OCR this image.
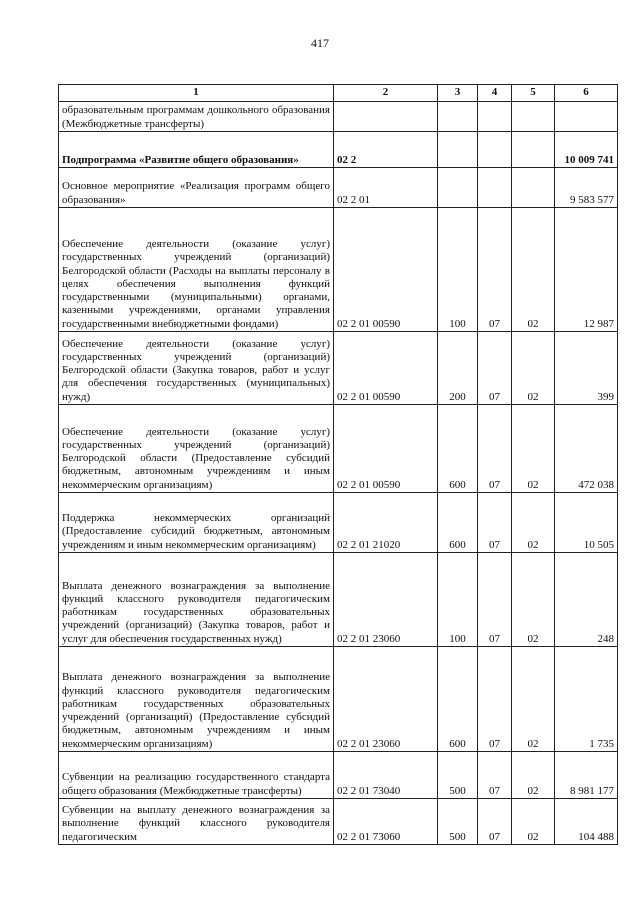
417
1	2	3	4	5	6
образовательным программам дошкольного образования (Межбюджетные трансферты)					
Подпрограмма «Развитие общего образования»	02 2				10 009 741
Основное мероприятие «Реализация программ общего образования»	02 2 01				9 583 577
Обеспечение деятельности (оказание услуг) государственных учреждений (организаций) Белгородской области (Расходы на выплаты персоналу в целях обеспечения выполнения функций государственными (муниципальными) органами, казенными учреждениями, органами управления государственными внебюджетными фондами)	02 2 01 00590	100	07	02	12 987
Обеспечение деятельности (оказание услуг) государственных учреждений (организаций) Белгородской области (Закупка товаров, работ и услуг для обеспечения государственных (муниципальных) нужд)	02 2 01 00590	200	07	02	399
Обеспечение деятельности (оказание услуг) государственных учреждений (организаций) Белгородской области (Предоставление субсидий бюджетным, автономным учреждениям и иным некоммерческим организациям)	02 2 01 00590	600	07	02	472 038
Поддержка некоммерческих организаций (Предоставление субсидий бюджетным, автономным учреждениям и иным некоммерческим организациям)	02 2 01 21020	600	07	02	10 505
Выплата денежного вознаграждения за выполнение функций классного руководителя педагогическим работникам государственных образовательных учреждений (организаций) (Закупка товаров, работ и услуг для обеспечения государственных нужд)	02 2 01 23060	100	07	02	248
Выплата денежного вознаграждения за выполнение функций классного руководителя педагогическим работникам государственных образовательных учреждений (организаций) (Предоставление субсидий бюджетным, автономным учреждениям и иным некоммерческим организациям)	02 2 01 23060	600	07	02	1 735
Субвенции на реализацию государственного стандарта общего образования (Межбюджетные трансферты)	02 2 01 73040	500	07	02	8 981 177
Субвенции на выплату денежного вознаграждения за выполнение функций классного руководителя педагогическим	02 2 01 73060	500	07	02	104 488
